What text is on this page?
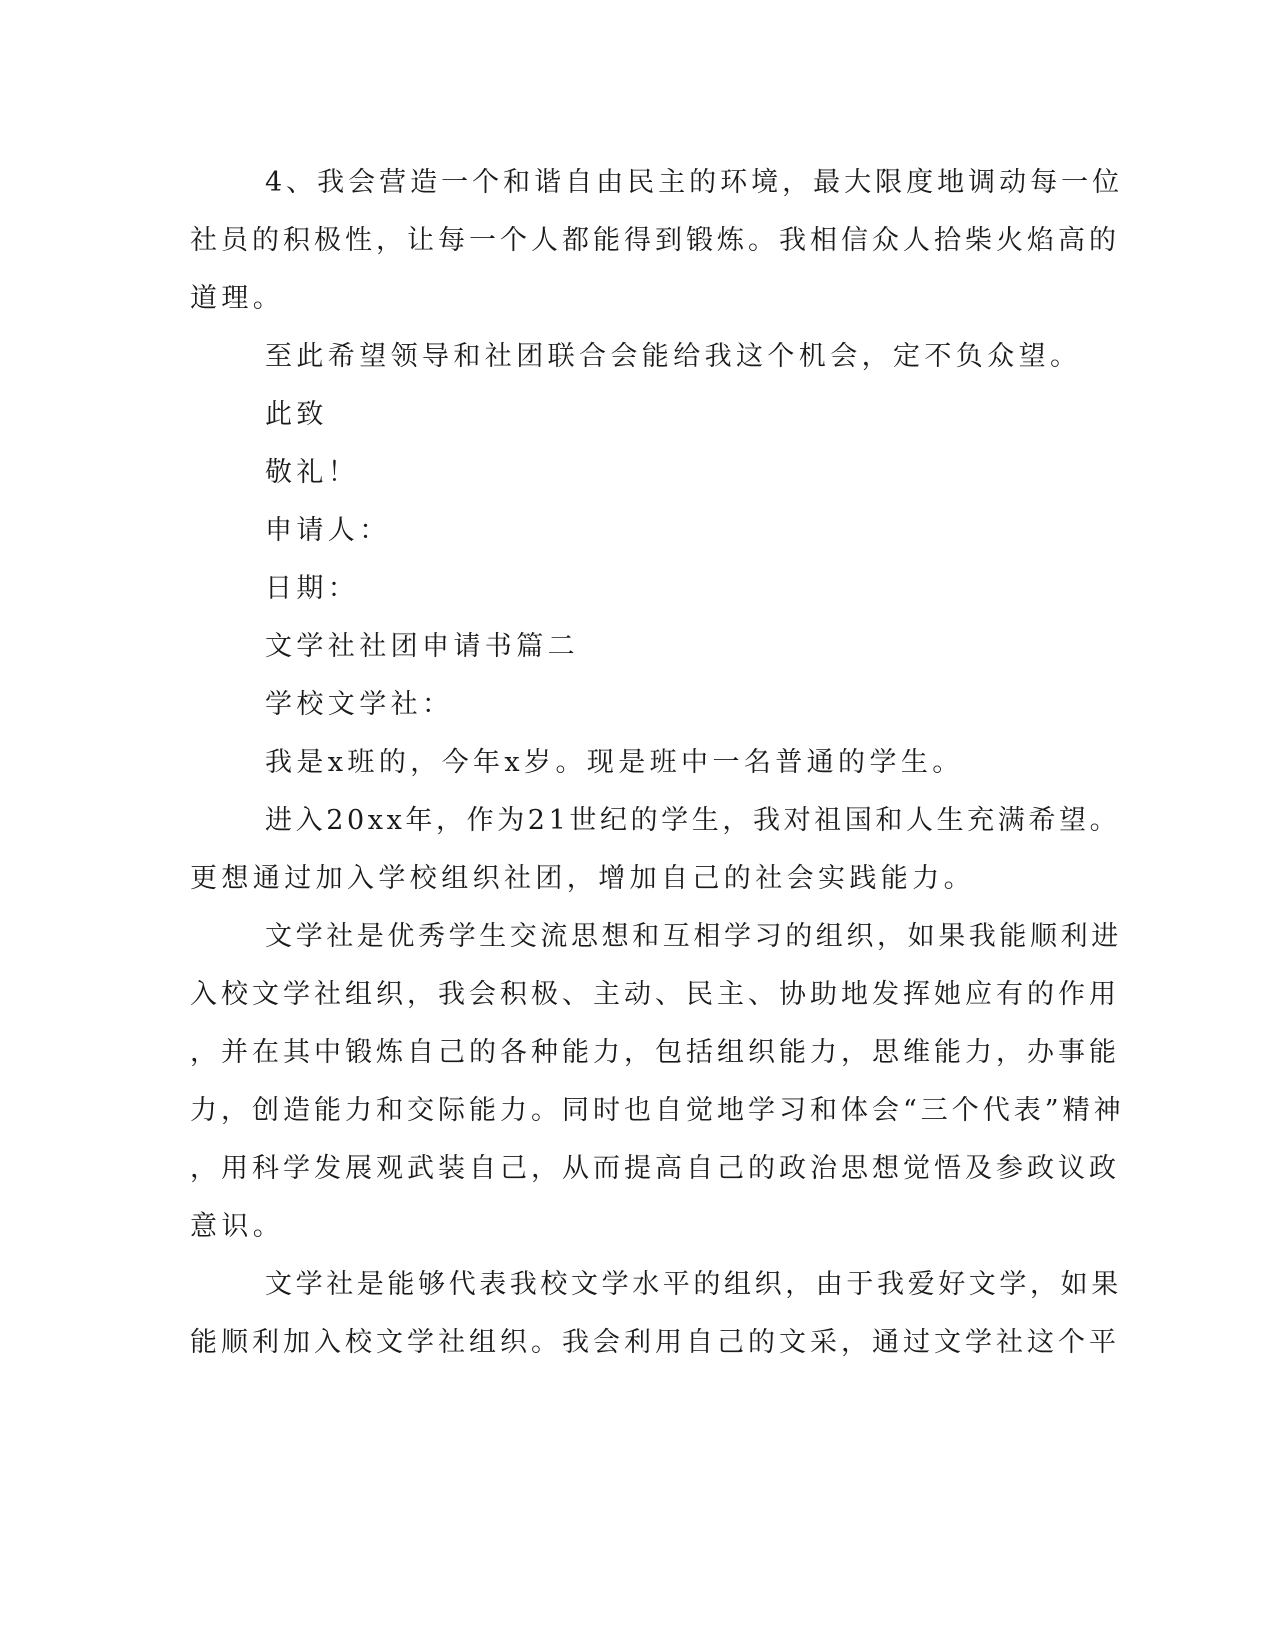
4、我会营造一个和谐自由民主的环境，最大限度地调动每一位

社员的积极性，让每一个人都能得到锻炼。我相信众人拾柴火焰高的

道理。

至此希望领导和社团联合会能给我这个机会，定不负众望。

此致

敬礼！

申请人：

日期：

文学社社团申请书篇二

学校文学社：

我是x班的，今年x岁。现是班中一名普通的学生。

进入20xx年，作为21世纪的学生，我对祖国和人生充满希望。

更想通过加入学校组织社团，增加自己的社会实践能力。

文学社是优秀学生交流思想和互相学习的组织，如果我能顺利进

入校文学社组织，我会积极、主动、民主、协助地发挥她应有的作用

，并在其中锻炼自己的各种能力，包括组织能力，思维能力，办事能

力，创造能力和交际能力。同时也自觉地学习和体会“三个代表”精神

，用科学发展观武装自己，从而提高自己的政治思想觉悟及参政议政

意识。

文学社是能够代表我校文学水平的组织，由于我爱好文学，如果

能顺利加入校文学社组织。我会利用自己的文采，通过文学社这个平
